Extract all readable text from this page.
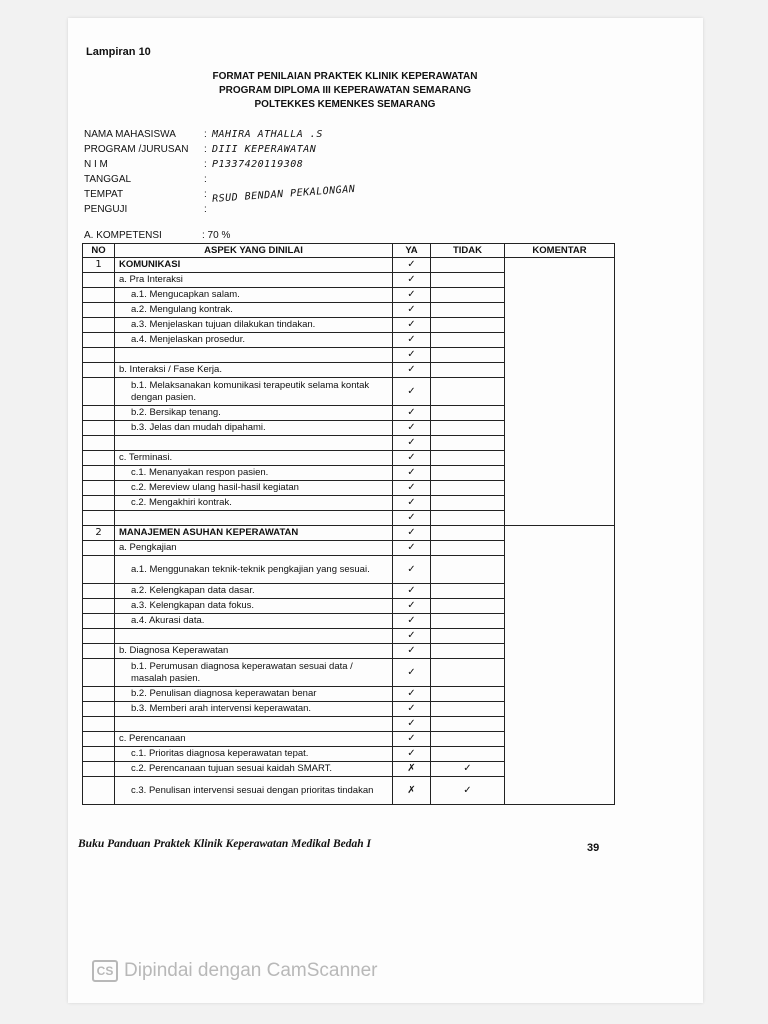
Lampiran 10
FORMAT PENILAIAN PRAKTEK KLINIK KEPERAWATAN
PROGRAM DIPLOMA III KEPERAWATAN SEMARANG
POLTEKKES KEMENKES SEMARANG
NAMA MAHASISWA	: MAHIRA ATHALLA .S
PROGRAM /JURUSAN	: DIII KEPERAWATAN
N I M	: P1337420119308
TANGGAL	:
TEMPAT	: RSUD BENDAN PEKALONGAN
PENGUJI	:
A. KOMPETENSI	: 70 %
NO	ASPEK YANG DINILAI	YA	TIDAK	KOMENTAR
1	KOMUNIKASI	✓		
	a. Pra Interaksi	✓		
	a.1. Mengucapkan salam.	✓		
	a.2. Mengulang kontrak.	✓		
	a.3. Menjelaskan tujuan dilakukan tindakan.	✓		
	a.4. Menjelaskan prosedur.	✓		
		✓		
	b. Interaksi / Fase Kerja.	✓		
	b.1. Melaksanakan komunikasi terapeutik selama kontak dengan pasien.	✓		
	b.2. Bersikap tenang.	✓		
	b.3. Jelas dan mudah dipahami.	✓		
		✓		
	c. Terminasi.	✓		
	c.1. Menanyakan respon pasien.	✓		
	c.2. Mereview ulang hasil-hasil kegiatan	✓		
	c.2. Mengakhiri kontrak.	✓		
		✓		
2	MANAJEMEN ASUHAN KEPERAWATAN	✓		
	a. Pengkajian	✓		
	a.1. Menggunakan teknik-teknik pengkajian yang sesuai.	✓		
	a.2. Kelengkapan data dasar.	✓		
	a.3. Kelengkapan data fokus.	✓		
	a.4. Akurasi data.	✓		
		✓		
	b. Diagnosa Keperawatan	✓		
	b.1. Perumusan diagnosa keperawatan sesuai data / masalah pasien.	✓		
	b.2. Penulisan diagnosa keperawatan benar	✓		
	b.3. Memberi arah intervensi keperawatan.	✓		
		✓		
	c. Perencanaan	✓		
	c.1. Prioritas diagnosa keperawatan tepat.	✓		
	c.2. Perencanaan tujuan sesuai kaidah SMART.	✗	✓	
	c.3. Penulisan intervensi sesuai dengan prioritas tindakan	✗	✓	
Buku Panduan Praktek Klinik Keperawatan Medikal Bedah I	39
CS Dipindai dengan CamScanner
